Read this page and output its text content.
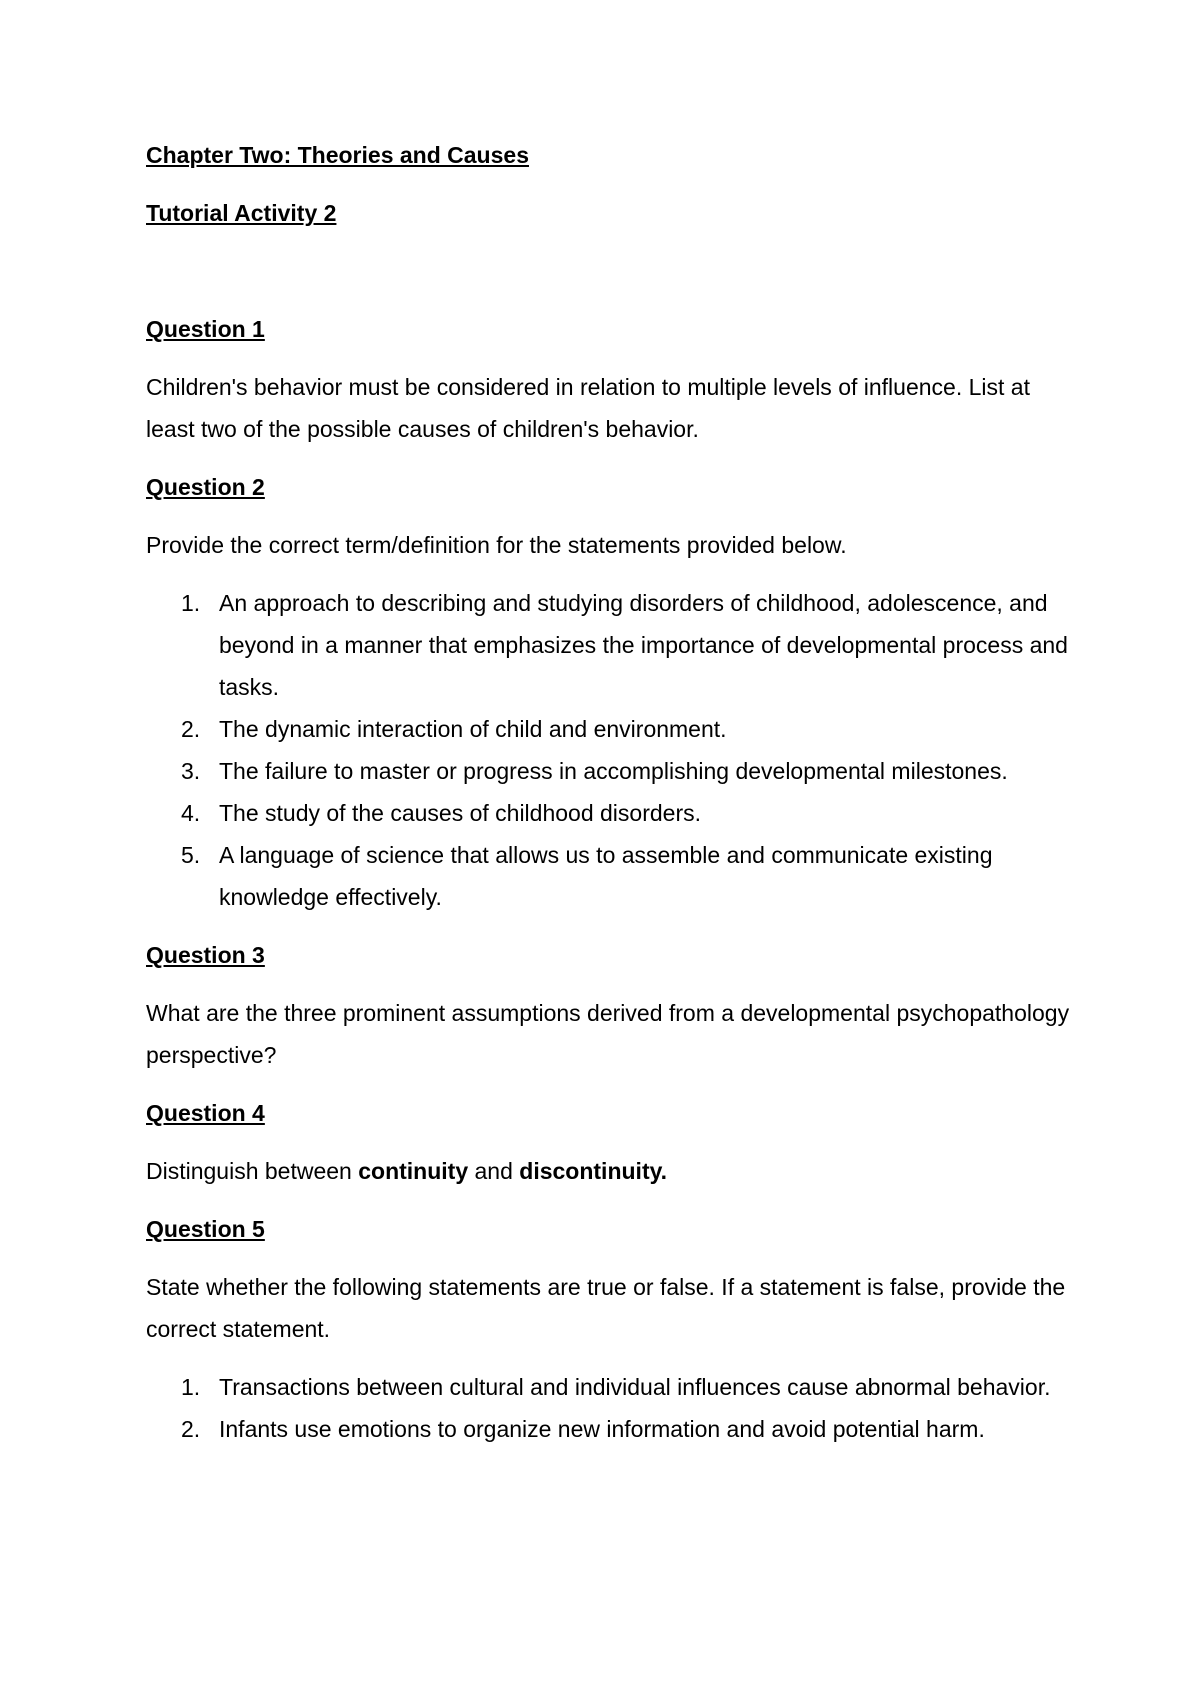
Chapter Two: Theories and Causes

Tutorial Activity 2

Question 1

Children's behavior must be considered in relation to multiple levels of influence. List at least two of the possible causes of children's behavior.

Question 2

Provide the correct term/definition for the statements provided below.

1. An approach to describing and studying disorders of childhood, adolescence, and beyond in a manner that emphasizes the importance of developmental process and tasks.
2. The dynamic interaction of child and environment.
3. The failure to master or progress in accomplishing developmental milestones.
4. The study of the causes of childhood disorders.
5. A language of science that allows us to assemble and communicate existing knowledge effectively.

Question 3

What are the three prominent assumptions derived from a developmental psychopathology perspective?

Question 4

Distinguish between continuity and discontinuity.

Question 5

State whether the following statements are true or false. If a statement is false, provide the correct statement.

1. Transactions between cultural and individual influences cause abnormal behavior.
2. Infants use emotions to organize new information and avoid potential harm.
